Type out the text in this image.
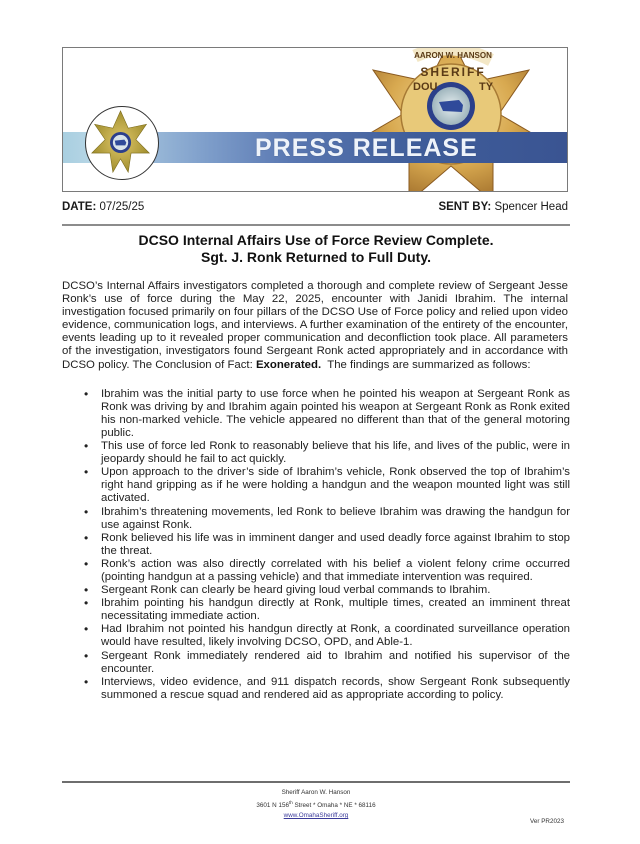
AARON W. HANSON
SHERIFF
DOU	TY
PRESS RELEASE
DATE: 07/25/25	SENT BY: Spencer Head
DCSO Internal Affairs Use of Force Review Complete.
Sgt. J. Ronk Returned to Full Duty.

DCSO’s Internal Affairs investigators completed a thorough and complete review of Sergeant Jesse Ronk’s use of force during the May 22, 2025, encounter with Janidi Ibrahim. The internal investigation focused primarily on four pillars of the DCSO Use of Force policy and relied upon video evidence, communication logs, and interviews. A further examination of the entirety of the encounter, events leading up to it revealed proper communication and deconfliction took place. All parameters of the investigation, investigators found Sergeant Ronk acted appropriately and in accordance with DCSO policy. The Conclusion of Fact: Exonerated.  The findings are summarized as follows:

• Ibrahim was the initial party to use force when he pointed his weapon at Sergeant Ronk as Ronk was driving by and Ibrahim again pointed his weapon at Sergeant Ronk as Ronk exited his non-marked vehicle. The vehicle appeared no different than that of the general motoring public.
• This use of force led Ronk to reasonably believe that his life, and lives of the public, were in jeopardy should he fail to act quickly.
• Upon approach to the driver’s side of Ibrahim’s vehicle, Ronk observed the top of Ibrahim’s right hand gripping as if he were holding a handgun and the weapon mounted light was still activated.
• Ibrahim’s threatening movements, led Ronk to believe Ibrahim was drawing the handgun for use against Ronk.
• Ronk believed his life was in imminent danger and used deadly force against Ibrahim to stop the threat.
• Ronk’s action was also directly correlated with his belief a violent felony crime occurred (pointing handgun at a passing vehicle) and that immediate intervention was required.
• Sergeant Ronk can clearly be heard giving loud verbal commands to Ibrahim.
• Ibrahim pointing his handgun directly at Ronk, multiple times, created an imminent threat necessitating immediate action.
• Had Ibrahim not pointed his handgun directly at Ronk, a coordinated surveillance operation would have resulted, likely involving DCSO, OPD, and Able-1.
• Sergeant Ronk immediately rendered aid to Ibrahim and notified his supervisor of the encounter.
• Interviews, video evidence, and 911 dispatch records, show Sergeant Ronk subsequently summoned a rescue squad and rendered aid as appropriate according to policy.
Sheriff Aaron W. Hanson
3601 N 156th Street * Omaha * NE * 68116
www.OmahaSheriff.org
Ver PR2023
